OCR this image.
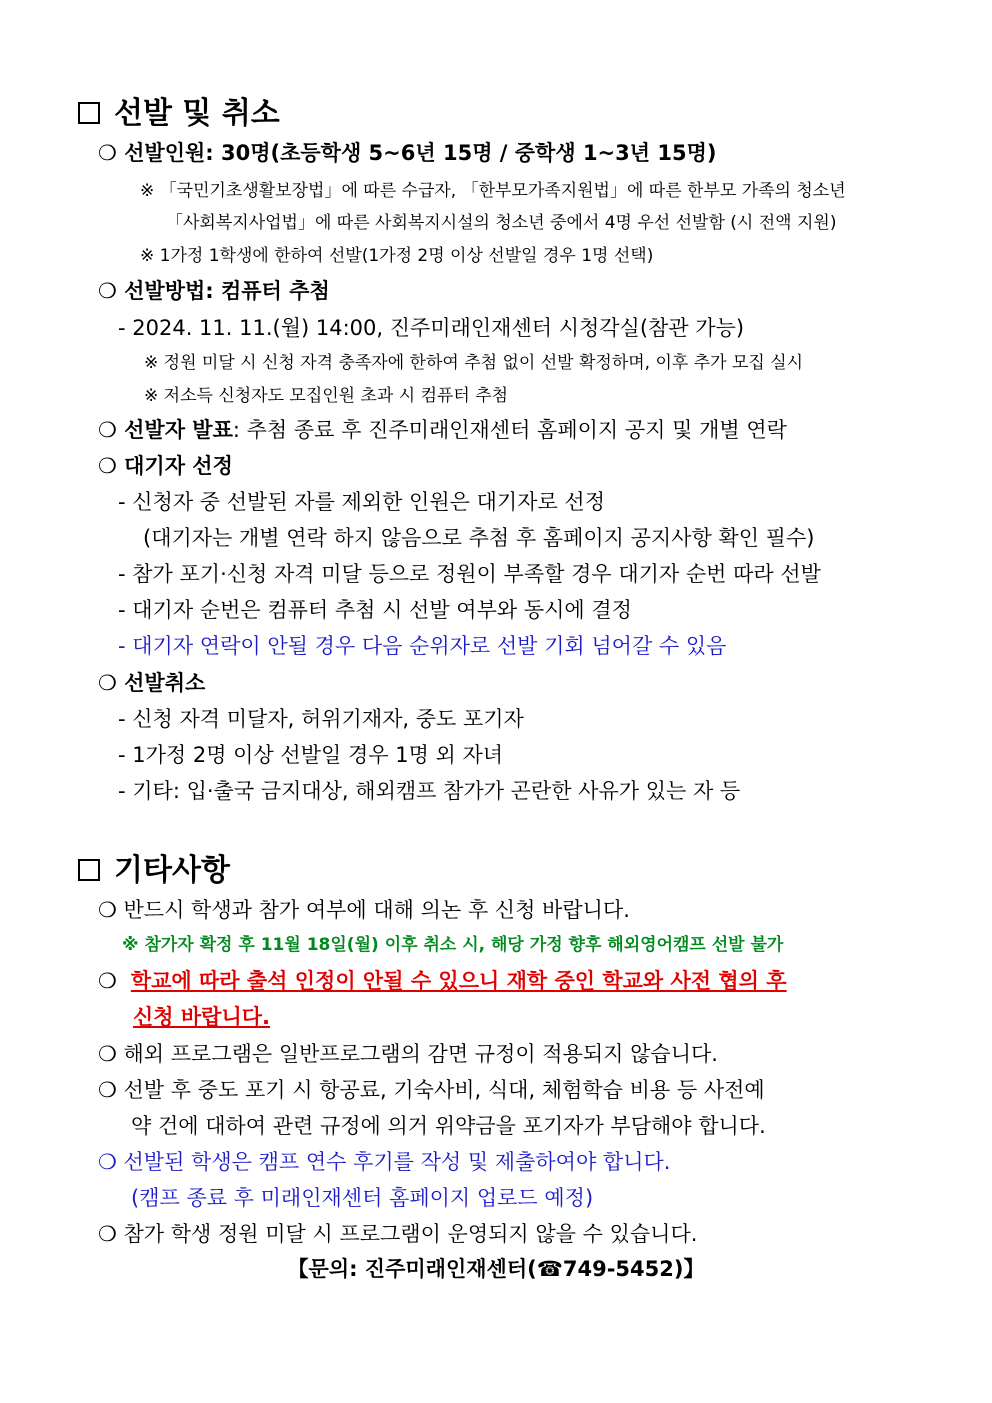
선발 및 취소
❍ 선발인원: 30명(초등학생 5~6년 15명 / 중학생 1~3년 15명)
※ 「국민기초생활보장법」에 따른 수급자, 「한부모가족지원법」에 따른 한부모 가족의 청소년
「사회복지사업법」에 따른 사회복지시설의 청소년 중에서 4명 우선 선발함 (시 전액 지원)
※ 1가정 1학생에 한하여 선발(1가정 2명 이상 선발일 경우 1명 선택)
❍ 선발방법: 컴퓨터 추첨
- 2024. 11. 11.(월) 14:00, 진주미래인재센터 시청각실(참관 가능)
※ 정원 미달 시 신청 자격 충족자에 한하여 추첨 없이 선발 확정하며, 이후 추가 모집 실시
※ 저소득 신청자도 모집인원 초과 시 컴퓨터 추첨
❍ 선발자 발표: 추첨 종료 후 진주미래인재센터 홈페이지 공지 및 개별 연락
❍ 대기자 선정
- 신청자 중 선발된 자를 제외한 인원은 대기자로 선정
(대기자는 개별 연락 하지 않음으로 추첨 후 홈페이지 공지사항 확인 필수)
- 참가 포기·신청 자격 미달 등으로 정원이 부족할 경우 대기자 순번 따라 선발
- 대기자 순번은 컴퓨터 추첨 시 선발 여부와 동시에 결정
- 대기자 연락이 안될 경우 다음 순위자로 선발 기회 넘어갈 수 있음
❍ 선발취소
- 신청 자격 미달자, 허위기재자, 중도 포기자
- 1가정 2명 이상 선발일 경우 1명 외 자녀
- 기타: 입·출국 금지대상, 해외캠프 참가가 곤란한 사유가 있는 자 등
기타사항
❍ 반드시 학생과 참가 여부에 대해 의논 후 신청 바랍니다.
※ 참가자 확정 후 11월 18일(월) 이후 취소 시, 해당 가정 향후 해외영어캠프 선발 불가
❍ 학교에 따라 출석 인정이 안될 수 있으니 재학 중인 학교와 사전 협의 후
신청 바랍니다.
❍ 해외 프로그램은 일반프로그램의 감면 규정이 적용되지 않습니다.
❍ 선발 후 중도 포기 시 항공료, 기숙사비, 식대, 체험학습 비용 등 사전예
약 건에 대하여 관련 규정에 의거 위약금을 포기자가 부담해야 합니다.
❍ 선발된 학생은 캠프 연수 후기를 작성 및 제출하여야 합니다.
(캠프 종료 후 미래인재센터 홈페이지 업로드 예정)
❍ 참가 학생 정원 미달 시 프로그램이 운영되지 않을 수 있습니다.
【문의: 진주미래인재센터(☎749-5452)】
